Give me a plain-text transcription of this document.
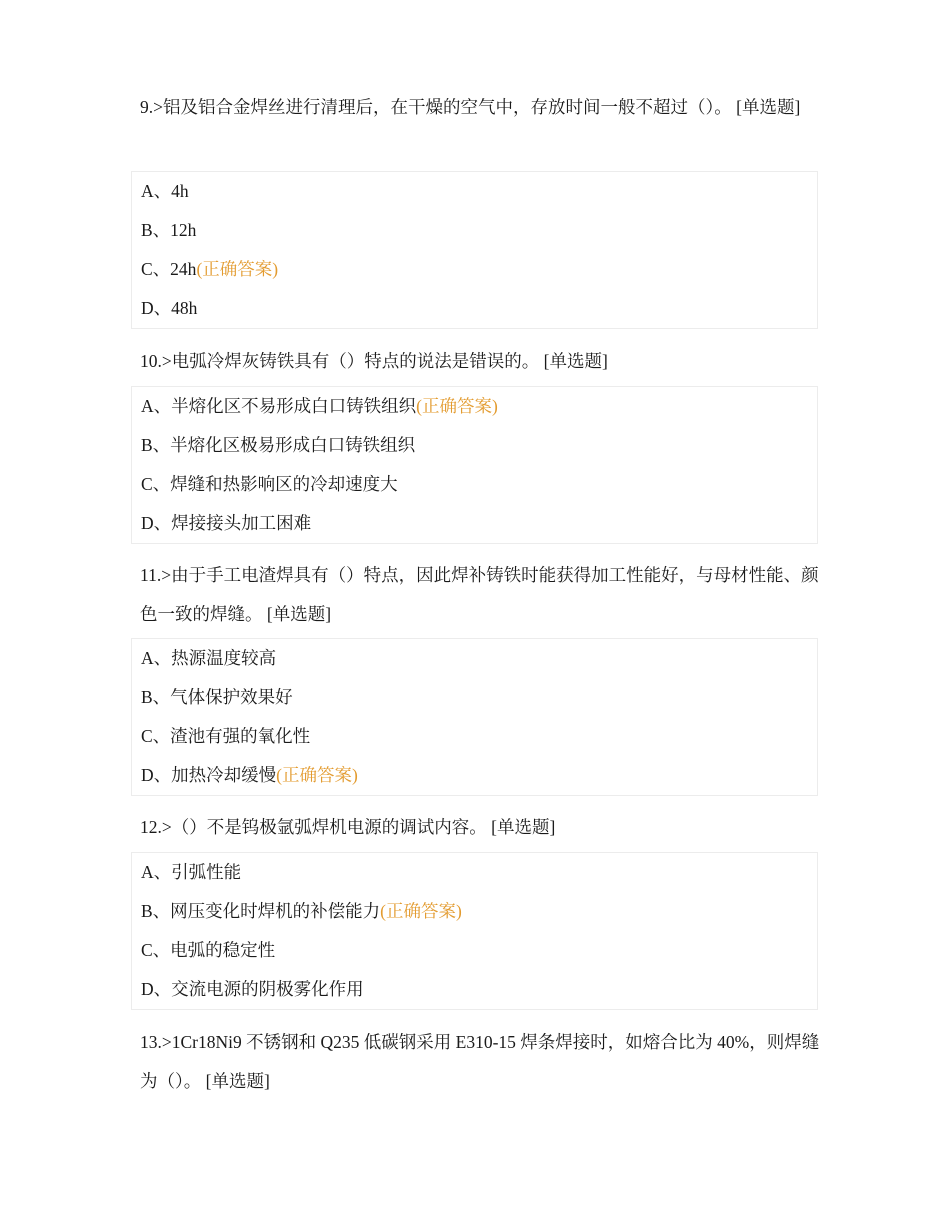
9.>铝及铝合金焊丝进行清理后，在干燥的空气中，存放时间一般不超过（）。 [单选题]
A、4h
B、12h
C、24h(正确答案)
D、48h
10.>电弧冷焊灰铸铁具有（）特点的说法是错误的。 [单选题]
A、半熔化区不易形成白口铸铁组织(正确答案)
B、半熔化区极易形成白口铸铁组织
C、焊缝和热影响区的冷却速度大
D、焊接接头加工困难
11.>由于手工电渣焊具有（）特点，因此焊补铸铁时能获得加工性能好，与母材性能、颜色一致的焊缝。 [单选题]
A、热源温度较高
B、气体保护效果好
C、渣池有强的氧化性
D、加热冷却缓慢(正确答案)
12.>（）不是钨极氩弧焊机电源的调试内容。 [单选题]
A、引弧性能
B、网压变化时焊机的补偿能力(正确答案)
C、电弧的稳定性
D、交流电源的阴极雾化作用
13.>1Cr18Ni9 不锈钢和 Q235 低碳钢采用 E310-15 焊条焊接时，如熔合比为 40%，则焊缝为（）。 [单选题]
